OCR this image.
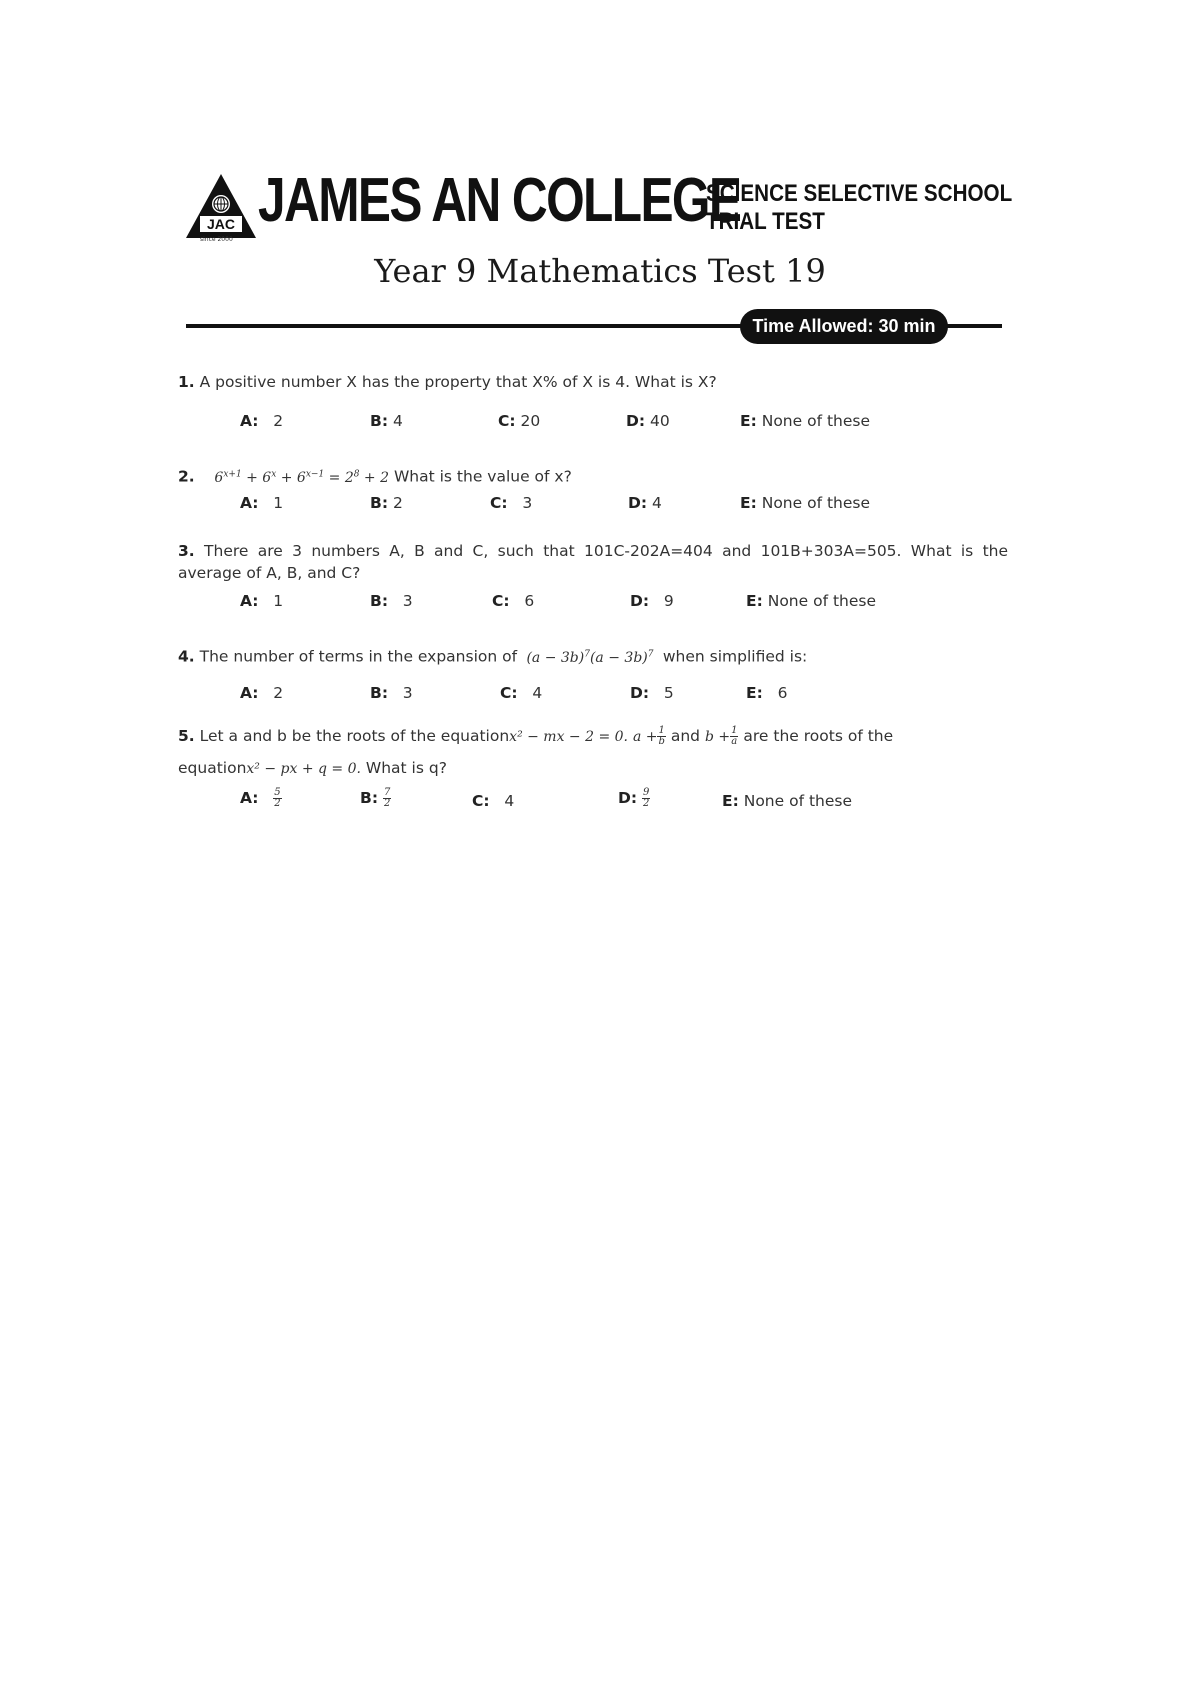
JAC
since 2000
JAMES AN COLLEGE
SCIENCE SELECTIVE SCHOOL
TRIAL TEST
Year 9 Mathematics Test 19
Time Allowed: 30 min
1. A positive number X has the property that X% of X is 4. What is X?
A: 2	B: 4	C: 20	D: 40	E: None of these
2. $6^{x+1} + 6^x + 6^{x-1} = 2^8 + 2$ What is the value of x?
A: 1	B: 2	C: 3	D: 4	E: None of these
3. There are 3 numbers A, B and C, such that 101C-202A=404 and 101B+303A=505. What is the
average of A, B, and C?
A: 1	B: 3	C: 6	D: 9	E: None of these
4. The number of terms in the expansion of $(a - 3b)^7(a - 3b)^7$ when simplified is:
A: 2	B: 3	C: 4	D: 5	E: 6
5. Let a and b be the roots of the equationx² − mx − 2 = 0. $a + \frac{1}{b}$ and $b + \frac{1}{a}$ are the roots of the
equationx² − px + q = 0. What is q?
A: $\frac{5}{2}$	B: $\frac{7}{2}$	C: 4	D: $\frac{9}{2}$	E: None of these
